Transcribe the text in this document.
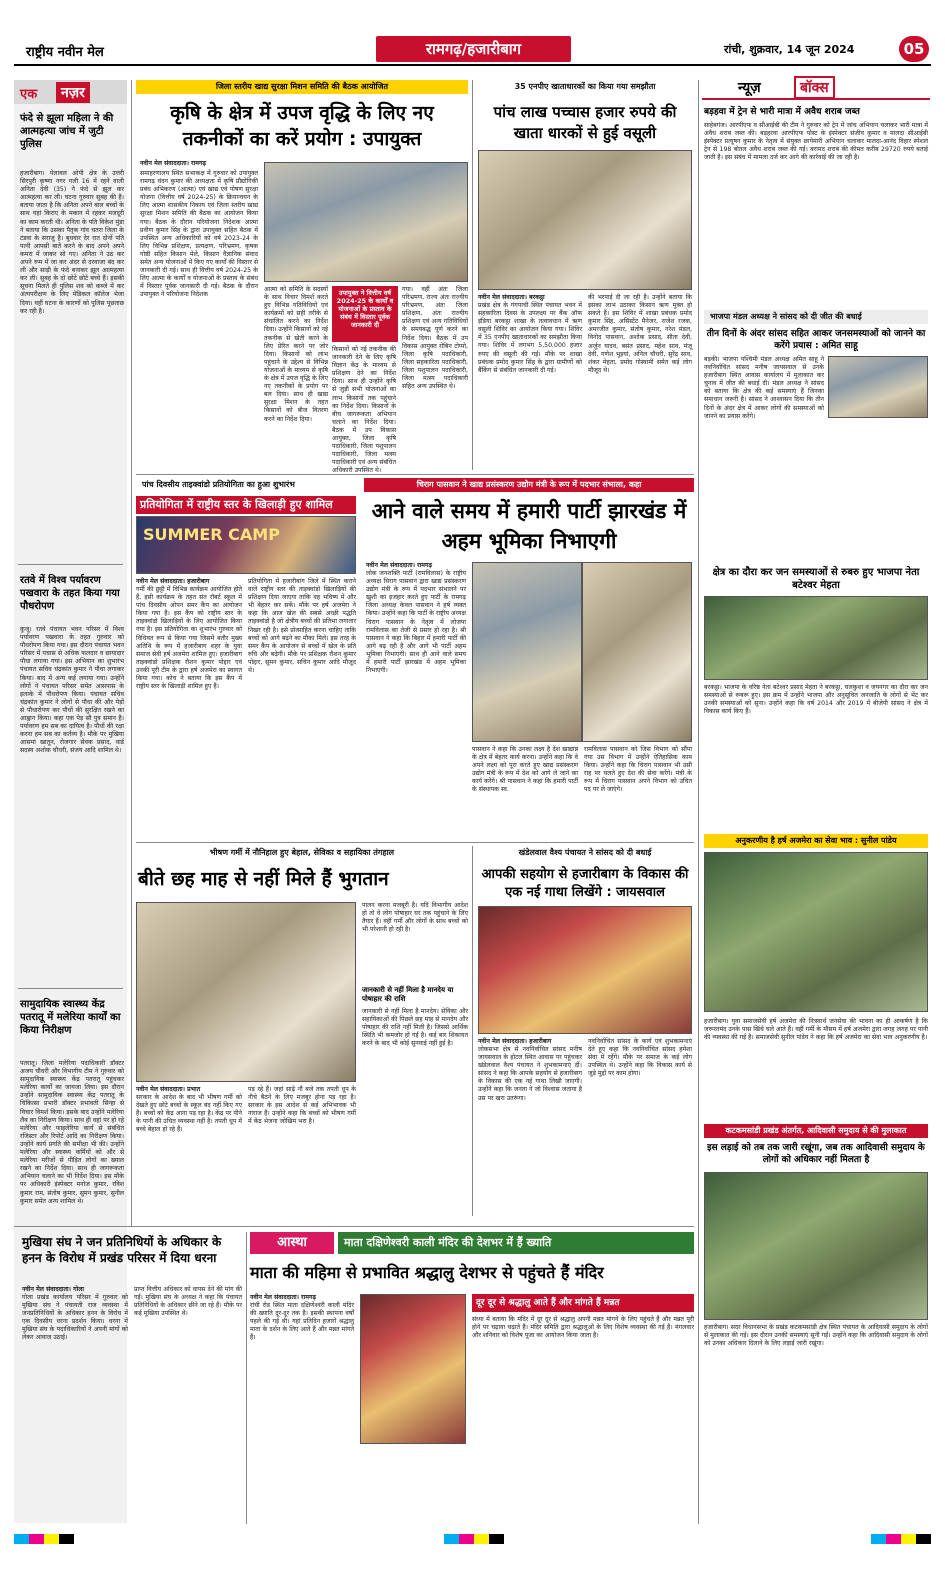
राष्ट्रीय नवीन मेल	रामगढ़/हजारीबाग	रांची, शुक्रवार, 14 जून 2024	05
एक	नज़र
फंदे से झूला महिला ने की आत्महत्या जांच में जुटी पुलिस
हजारीबाग। पेलावल ओपी क्षेत्र के उत्तरी सिरपुरी कृष्णा नगर गली 16 में रहने वाली अनिता देवी (35) ने फंदे से झूल कर आत्महत्या कर ली। घटना गुरुवार सुबह की है। बताया जाता है कि अनिता अपने बाल बच्चों के साथ यहां किराए के मकान में रहकर मजदूरी का काम करती थी। अनिता के पति विकेश मुंडा ने बताया कि उसका पैतृक गांव चतरा जिला के टंडवा के सराजु है। बुधवार देर रात दोनों पति पत्नी आपसी बातें करने के बाद अपने अपने कमरा में जाकर सो गए। अनिता ने उठ कर अपने रूम में जा कर अंदर से दरवाजा बंद कर ली और साड़ी के फंदे बनाकर झूल आत्महत्या कर ली। सुबह के दो छोटे छोटे बच्चे हैं। इसकी सूचना मिलते ही पुलिस शव को कब्जे में कर अंत्यपरीक्षण के लिए मेडिकल कॉलेज भेजा दिया। वहीं घटना के कारणों को पुलिस पूछताछ कर रही है।
रतवे में विश्व पर्यावरण पखवारा के तहत किया गया पौधरोपण
कुजू। रतवे पंचायत भवन परिसर में विश्व पर्यावरण पखवारा के तहत गुरुवार को पौधरोपण किया गया। इस दौरान पंचायत भवन परिसर में पचास से अधिक फलदार व छायादार पौधा लगाया गया। इस अभियान का शुभारंभ पंचायत सचिव चंद्रकांत कुमार ने पौधा लगाकर किया। बाद में अन्य कई लगाया गया। उन्होंने लोगों ने पंचायत परिसर समेत आसपास के इलाके में पौधरोपण किया। पंचायत सचिव चंद्रकांत कुमार ने लोगों से पौधा की और पेड़ों से पौधारोपण कर पौधों की सुरक्षित रखने का आह्वान किया। कहा एक पेड़ सौ पुत्र समान है। पर्यावरण हम सब का दायित्व है। पौधों की रक्षा करना हम सब का कर्तव्य है। मौके पर मुखिया आसमां खातून, रोजगार सेवक प्रसाद, वार्ड सदस्य अशोक चौधरी, संजय आदि शामिल थे।
सामुदायिक स्वास्थ्य केंद्र पतरातू में मलेरिया कार्यों का किया निरीक्षण
पतरातू। जिला मलेरिया पदाधिकारी डॉक्टर अजय चौधरी और विभागीय टीम ने गुरुवार को सामुदायिक स्वास्थ्य केंद्र पतरातू पहुंचकर मलेरिया कार्यों का जायजा लिया। इस दौरान उन्होंने सामुदायिक स्वास्थ्य केंद्र पतरातू के चिकित्सा प्रभारी डॉक्टर प्रभावती सिन्हा से विचार विमर्श किया। इसके बाद उन्होंने मलेरिया लैब का निरीक्षण किया। साथ ही वहां पर हो रहे मलेरिया और फाइलेरिया कार्य से संबंधित रजिस्टर और रिपोर्ट आदि का निरीक्षण किया। उन्होंने कार्य प्रगति की समीक्षा भी की। उन्होंने मलेरिया और स्वास्थ्य कर्मियों को और से मलेरिया मरीजों से पीड़ित लोगों का ख्याल रखने का निर्देश दिया। साथ ही जागरूकता अभियान चलाने का भी निर्देश दिया। इस मौके पर अधिकारी इंस्पेक्टर मनोज कुमार, रविश कुमार राम, संतोष कुमार, सुमन कुमार, सुनील कुमार समेत अन्य शामिल थे।
जिला स्तरीय खाद्य सुरक्षा मिशन समिति की बैठक आयोजित
कृषि के क्षेत्र में उपज वृद्धि के लिए नए तकनीकों का करें प्रयोग : उपायुक्त
नवीन मेल संवाददाता। रामगढ़
समाहरणालय स्थित सभाकक्ष में गुरुवार को उपायुक्त रामगढ़ चंदन कुमार की अध्यक्षता में कृषि प्रौद्योगिकी प्रबंध अभिकरण (आत्मा) एवं खाद्य एवं पोषण सुरक्षा योजना (वित्तीय वर्ष 2024-25) के क्रियान्वयन के लिए आत्मा शासकीय निकाय एवं जिला स्तरीय खाद्य सुरक्षा मिशन समिति की बैठक का आयोजन किया गया। बैठक के दौरान परियोजना निदेशक आत्मा प्रवीण कुमार सिंह के द्वारा उपायुक्त सहित बैठक में उपस्थित अन्य अधिकारियों को वर्ष 2023-24 के लिए विभिन्न प्रशिक्षण, प्रत्यक्षण, परिभ्रमण, कृषक गोष्ठी सहित किसान मेले, किसान वैज्ञानिक संवाद समेत अन्य योजनाओं में किए गए कार्यों की विस्तार से जानकारी दी गई। साथ ही वित्तीय वर्ष 2024-25 के लिए आत्मा के कार्यों व योजनाओं के प्रस्ताव के संबंध में विस्तार पूर्वक जानकारी दी गई। बैठक के दौरान उपायुक्त ने परियोजना निदेशक
आत्मा को समिति के सदस्यों के साथ विचार विमर्श करते हुए विभिन्न गतिविधियों एवं कार्यक्रमों को सही तरीके से संचालित करने का निर्देश दिया। उन्होंने किसानों को नई तकनीक से खेती करने के लिए प्रेरित करने पर जोर दिया। किसानों को लाभ पहुंचाने के उद्देश्य से विभिन्न योजनाओं के माध्यम से कृषि के क्षेत्र में उपज वृद्धि के लिए नए तकनीकों के प्रयोग पर बल दिया। साथ ही खाद्य सुरक्षा मिशन के तहत किसानों को बीज वितरण करने का निर्देश दिया।
किसानों को नई तकनीक की जानकारी देने के लिए कृषि विज्ञान केंद्र के माध्यम से प्रशिक्षण देने का निर्देश दिया। साथ ही उन्होंने कृषि से जुड़ी सभी योजनाओं का लाभ किसानों तक पहुंचाने का निर्देश दिया। किसानों के बीच जागरूकता अभियान चलाने का निर्देश दिया। बैठक में उप विकास आयुक्त, जिला कृषि पदाधिकारी, जिला पशुपालन पदाधिकारी, जिला मत्स्य पदाधिकारी एवं अन्य संबंधित अधिकारी उपस्थित थे।
गया। वहीं अंतः जिला परिभ्रमण, राज्य अंतः राज्यीय परिभ्रमण, अंतः जिला प्रशिक्षण, अंतः राज्यीय प्रशिक्षण एवं अन्य गतिविधियों के समयबद्ध पूर्ण करने का निर्देश दिया। बैठक में उप विकास आयुक्त रोबिन टोप्पो, जिला कृषि पदाधिकारी, जिला सहकारिता पदाधिकारी, जिला पशुपालन पदाधिकारी, जिला मत्स्य पदाधिकारी सहित अन्य उपस्थित थे।
उपायुक्त ने वित्तीय वर्ष 2024-25 के कार्यों व योजनाओं के प्रस्ताव के संबंध में विस्तार पूर्वक जानकारी दी
35 एनपीए खाताधारकों का किया गया समझौता
पांच लाख पच्चास हजार रुपये की खाता धारकों से हुई वसूली
नवीन मेल संवाददाता। बरकट्ठा
प्रखंड क्षेत्र के गंगपाची स्थित पंचायत भवन में सहकारिता दिवस के उपलक्ष्य पर बैंक ऑफ इंडिया बरकट्ठा शाखा के तत्वावधान में ऋण वसूली शिविर का आयोजन किया गया। शिविर में 35 एनपीए खाताधारकों का समझौता किया गया। शिविर में लगभग 5,50,000 हजार रुपए की वसूली की गई। मौके पर शाखा प्रबंधक प्रमोद कुमार सिंह के द्वारा ग्रामीणों को बैंकिंग से संबंधित जानकारी दी गई।
की भरपाई दी जा रही है। उन्होंने बताया कि इसका लाभ उठाकर किसान ऋण मुक्त हो सकते हैं। इस शिविर में शाखा प्रबंधक प्रमोद कुमार सिंह, असिस्टेंट मैनेजर, राजेश रजक, अमरजीत कुमार, संतोष कुमार, नरेश मंडल, विनोद पासवान, अशोक प्रसाद, सीता देवी, अर्जुन यादव, बसंत प्रसाद, महेश साव, मंजू देवी, गणेश भुइयां, अनिल चौधरी, सुरेंद्र साव, शंकर मेहता, प्रमोद गोस्वामी समेत कई लोग मौजूद थे।
पांच दिवसीय ताइक्वांडो प्रतियोगिता का हुआ शुभारंभ
प्रतियोगिता में राष्ट्रीय स्तर के खिलाड़ी हुए शामिल
SUMMER CAMP
नवीन मेल संवाददाता। हजारीबाग
गर्मी की छुट्टी में विभिन्न कार्यक्रम आयोजित होते हैं, इसी कार्यक्रम के तहत संत रॉबर्ट स्कूल में पांच दिवसीय ओपन समर कैंप का आयोजन किया गया है। इस कैंप को राष्ट्रीय स्तर के ताइक्वांडो खिलाड़ियों के लिए आयोजित किया गया है। इस प्रतियोगिता का शुभारंभ गुरुवार को विधिवत रूप से किया गया जिसमें बतौर मुख्य अतिथि के रूप में हजारीबाग शहर के युवा समाज सेवी हर्ष अजमेरा शामिल हुए। हजारीबाग ताइक्वांडो प्रशिक्षक रौशन कुमार पोद्दार एवं उनकी पूरी टीम के द्वारा हर्ष अजमेरा का स्वागत किया गया। कोच ने बताया कि इस कैंप में राष्ट्रीय स्तर के खिलाड़ी शामिल हुए हैं।
प्रतियोगिता में हजारीबाग जिले में स्थित कराने वाले राष्ट्रीय स्तर की ताइक्वांडो खिलाड़ियों की प्रशिक्षण दिया जाएगा ताकि वह भविष्य में और भी बेहतर कर सकें। मौके पर हर्ष अजमेरा ने कहा कि आज खेल की सबसे अच्छी पद्धति ताइक्वांडो है जो क्षेत्रीय बच्चों की प्रतिभा लगातार निखर रही है। इसे प्रोत्साहित करना चाहिए ताकि बच्चों को आगे बढ़ने का मौका मिले। इस तरह के समर कैंप के आयोजन से बच्चों में खेल के प्रति रुचि और बढ़ेगी। मौके पर प्रशिक्षक रौशन कुमार पोद्दार, सुमन कुमार, सचिन कुमार आदि मौजूद थे।
चिराग पासवान ने खाद्य प्रसंस्करण उद्योग मंत्री के रूप में पदभार संभाला, कहा
आने वाले समय में हमारी पार्टी झारखंड में अहम भूमिका निभाएगी
नवीन मेल संवाददाता। रामगढ़
लोक जनशक्ति पार्टी (रामविलास) के राष्ट्रीय अध्यक्ष चिराग पासवान द्वारा खाद्य प्रसंस्करण उद्योग मंत्री के रूप में पदभार संभालने पर खुशी का इजहार करते हुए पार्टी के रामगढ़ जिला अध्यक्ष केवल पासवान ने हर्ष व्यक्त किया। उन्होंने कहा कि पार्टी के राष्ट्रीय अध्यक्ष चिराग पासवान के नेतृत्व में लोजपा रामविलास का तेजी से प्रसार हो रहा है। श्री पासवान ने कहा कि बिहार में हमारी पार्टी की आगे बढ़ रही है और आगे भी पार्टी अहम भूमिका निभाएगी। साथ ही आने वाले समय में हमारी पार्टी झारखंड में अहम भूमिका निभाएगी।
पासवान ने कहा कि उनका लक्ष्य है देश खाद्यान्न के क्षेत्र में बेहतर कार्य करना। उन्होंने कहा कि वे अपने लक्ष्य को पूरा करते हुए खाद्य प्रसंस्करण उद्योग मंत्री के रूप में देश को आगे ले जाने का कार्य करेंगे। श्री पासवान ने कहा कि हमारी पार्टी के संस्थापक स्व.
रामविलास पासवान को जिस विभाग को सौंपा गया उस विभाग में उन्होंने ऐतिहासिक काम किया। उन्होंने कहा कि चिराग पासवान भी उसी राह पर चलते हुए देश की सेवा करेंगे। मंत्री के रूप में चिराग पासवान अपने विभाग को उचित पद पर ले जाएंगे।
भीषण गर्मी में नौनिहाल हुए बेहाल, सेविका व सहायिका तंगहाल
बीते छह माह से नहीं मिले हैं भुगतान
नवीन मेल संवाददाता। प्रभात
सरकार के आदेश के बाद भी भीषण गर्मी को देखते हुए छोटे बच्चों के स्कूल बंद नहीं किए गए हैं। बच्चों को केंद्र आना पड़ रहा है। केंद्र पर पीने के पानी की उचित व्यवस्था नहीं है। तपती धूप में बच्चे बेहाल हो रहे हैं।
पड़ रहे हैं। जहां साढ़े नौ बजे तक तपती धूप के नीचे बैठने के लिए मजबूर होना पड़ रहा है। सरकार के इस आदेश से कई अभिभावक भी नाराज हैं। उन्होंने कहा कि बच्चों को भीषण गर्मी में केंद्र भेजना जोखिम भरा है।
पालन करना मजबूरी है। यदि विभागीय आदेश हो तो वे लोग पोषाहार घर तक पहुंचाने के लिए तैयार हैं। वहीं गर्मी और लोगों के साथ बच्चों को भी परेशानी हो रही है।
जानकारी से नहीं मिला है मानदेय या पोषाहार की राशि
जानकारी से नहीं मिला है मानदेय। सेविका और सहायिकाओं की पिछले छह माह से मानदेय और पोषाहार की राशि नहीं मिली है। जिससे आर्थिक स्थिति भी कमजोर हो गई है। कई बार शिकायत करने के बाद भी कोई सुनवाई नहीं हुई है।
खंडेलवाल वैश्य पंचायत ने सांसद को दी बधाई
आपकी सहयोग से हजारीबाग के विकास की एक नई गाथा लिखेंगे : जायसवाल
नवीन मेल संवाददाता। हजारीबाग
लोकसभा क्षेत्र से नवनिर्वाचित सांसद मनीष जायसवाल के होटल स्थित आवास पर पहुंचकर खंडेलवाल वैश्य पंचायत ने शुभकामनाएं दीं। सांसद ने कहा कि आपके सहयोग से हजारीबाग के विकास की एक नई गाथा लिखी जाएगी। उन्होंने कहा कि जनता ने जो विश्वास जताया है उस पर खरा उतरूंगा।
नवनिर्वाचित सांसद के कार्य एवं शुभकामनाएं देते हुए कहा कि नवनिर्वाचित सांसद हमेशा सेवा में रहेंगे। मौके पर समाज के कई लोग उपस्थित थे। उन्होंने कहा कि विकास कार्य से जुड़े मुद्दों पर काम होगा।
मुखिया संघ ने जन प्रतिनिधियों के अधिकार के हनन के विरोध में प्रखंड परिसर में दिया धरना
नवीन मेल संवाददाता। गोला
गोला प्रखंड कार्यालय परिसर में गुरुवार को मुखिया संघ ने पंचायती राज व्यवस्था में जनप्रतिनिधियों के अधिकार हनन के विरोध में एक दिवसीय धरना प्रदर्शन किया। धरना में मुखिया संघ के पदाधिकारियों ने अपनी मांगों को लेकर आवाज उठाई।
प्राप्त वित्तीय अधिकार को वापस देने की मांग की गई। मुखिया संघ के अध्यक्ष ने कहा कि पंचायत प्रतिनिधियों के अधिकार छीने जा रहे हैं। मौके पर कई मुखिया उपस्थित थे।
आस्था	माता दक्षिणेश्वरी काली मंदिर की देशभर में हैं ख्याति
माता की महिमा से प्रभावित श्रद्धालु देशभर से पहुंचते हैं मंदिर
नवीन मेल संवाददाता। रामगढ़
रांची रोड स्थित माता दक्षिणेश्वरी काली मंदिर की ख्याति दूर-दूर तक है। इसकी स्थापना वर्षों पहले की गई थी। यहां प्रतिदिन हजारों श्रद्धालु माता के दर्शन के लिए आते हैं और मन्नत मांगते हैं।
दूर दूर से श्रद्धालु आते हैं और मांगते हैं मन्नत
संध्या में बताया कि मंदिर में दूर दूर से श्रद्धालु अपनी मन्नत मांगने के लिए पहुंचते हैं और मन्नत पूरी होने पर चढ़ावा चढ़ाते हैं। मंदिर समिति द्वारा श्रद्धालुओं के लिए विशेष व्यवस्था की गई है। मंगलवार और शनिवार को विशेष पूजा का आयोजन किया जाता है।
न्यूज़	बॉक्स
बड़हवा में ट्रेन से भारी मात्रा में अवैध शराब जब्त
साहेबगंज। आरपीएफ व सीआईबी की टीम ने गुरुवार को ट्रेन में जांच अभियान चलाकर भारी मात्रा में अवैध शराब जब्त की। बड़हरवा आरपीएफ पोस्ट के इंस्पेक्टर संजीव कुमार व मालदा सीआईबी इंस्पेक्टर प्रत्यूषन कुमार के नेतृत्व में संयुक्त छापेमारी अभियान चलाकर मालदा-आनंद विहार स्पेशल ट्रेन से 198 बोतल अवैध शराब जब्त की गई। बरामद शराब की कीमत करीब 29720 रुपये बताई जाती है। इस संबंध में मामला दर्ज कर आगे की कार्रवाई की जा रही है।
भाजपा मंडल अध्यक्ष ने सांसद को दी जीत की बधाई
तीन दिनों के अंदर सांसद सहित आकर जनसमस्याओं को जानने का करेंगे प्रयास : अमित साहू
बड़की। भाजपा पश्चिमी मंडल अध्यक्ष अमित साहू ने नवनिर्वाचित सांसद मनीष जायसवाल से उनके हजारीबाग स्थित आवास कार्यालय में मुलाकात कर चुनाव में जीत की बधाई दी। मंडल अध्यक्ष ने सांसद को बताया कि क्षेत्र की कई समस्याएं हैं जिनका समाधान जरूरी है। सांसद ने आश्वासन दिया कि तीन दिनों के अंदर क्षेत्र में आकर लोगों की समस्याओं को जानने का प्रयास करेंगे।
क्षेत्र का दौरा कर जन समस्याओं से रुबरु हुए भाजपा नेता बटेश्वर मेहता
बरकट्ठा। भाजपा के वरिष्ठ नेता बटेश्वर प्रसाद मेहता ने बरकट्ठा, चलकुशा व जयनगर का दौरा कर जन समस्याओं से रूबरू हुए। इस क्रम में उन्होंने भाजपा और अनुसूचित जनजाति के लोगों से भेंट कर उनकी समस्याओं को सुना। उन्होंने कहा कि वर्ष 2014 और 2019 में बीजेपी सांसद ने क्षेत्र में विकास कार्य किए हैं।
अनुकरणीय है हर्ष अजमेरा का सेवा भाव : सुनील पांडेय
हजारीबाग। युवा समाजसेवी हर्ष अजमेरा की निःस्वार्थ जनसेवा की भावना का ही आकर्षण है कि जरूरतमंद उनके पास खिंचे चले आते हैं। वहीं गर्मी के मौसम में हर्ष अजमेरा द्वारा जगह जगह पर पानी की व्यवस्था की गई है। समाजसेवी सुनील पांडेय ने कहा कि हर्ष अजमेरा का सेवा भाव अनुकरणीय है।
कटकमसांडी प्रखंड अंतर्गत, आदिवासी समुदाय से की मुलाकात
इस लड़ाई को तब तक जारी रखूंगा, जब तक आदिवासी समुदाय के लोगों को अधिकार नहीं मिलता है
हजारीबाग। सदर विधानसभा के प्रखंड कटकमसांडी क्षेत्र स्थित पंचायत के आदिवासी समुदाय के लोगों से मुलाकात की गई। इस दौरान उनकी समस्याएं सुनी गईं। उन्होंने कहा कि आदिवासी समुदाय के लोगों को उनका अधिकार दिलाने के लिए लड़ाई जारी रखूंगा।
